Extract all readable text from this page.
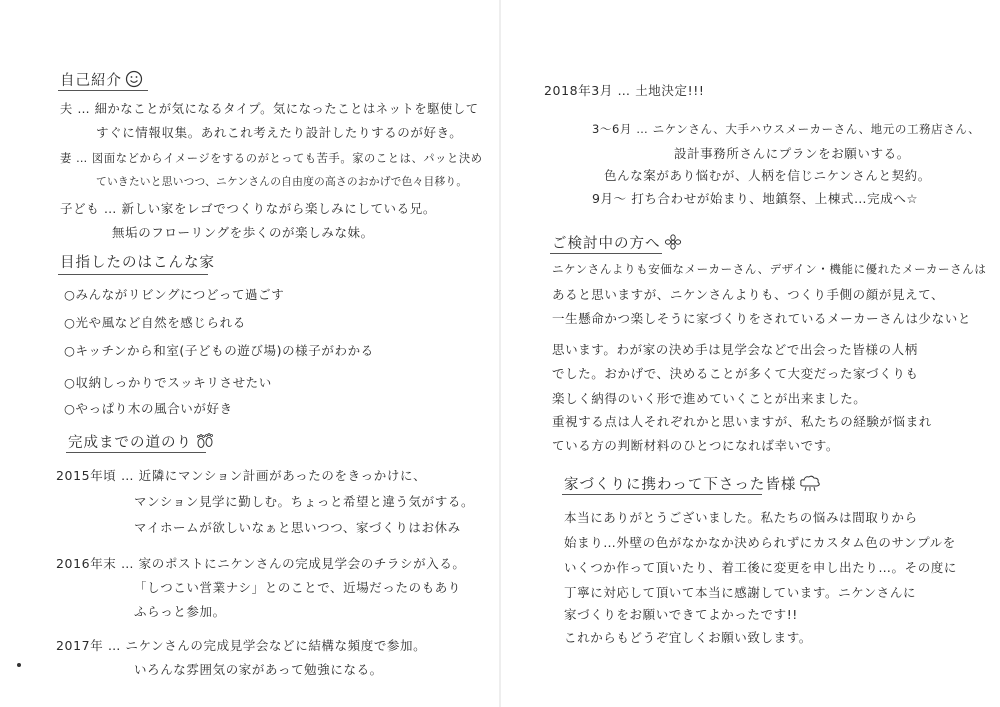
自己紹介
夫 … 細かなことが気になるタイプ。気になったことはネットを駆使して
すぐに情報収集。あれこれ考えたり設計したりするのが好き。
妻 … 図面などからイメージをするのがとっても苦手。家のことは、パッと決め
ていきたいと思いつつ、ニケンさんの自由度の高さのおかげで色々目移り。
子ども … 新しい家をレゴでつくりながら楽しみにしている兄。
無垢のフローリングを歩くのが楽しみな妹。
目指したのはこんな家
○みんながリビングにつどって過ごす
○光や風など自然を感じられる
○キッチンから和室(子どもの遊び場)の様子がわかる
○収納しっかりでスッキリさせたい
○やっぱり木の風合いが好き
完成までの道のり
2015年頃 … 近隣にマンション計画があったのをきっかけに、
マンション見学に勤しむ。ちょっと希望と違う気がする。
マイホームが欲しいなぁと思いつつ、家づくりはお休み
2016年末 … 家のポストにニケンさんの完成見学会のチラシが入る。
「しつこい営業ナシ」とのことで、近場だったのもあり
ふらっと参加。
2017年 … ニケンさんの完成見学会などに結構な頻度で参加。
いろんな雰囲気の家があって勉強になる。
2018年3月 … 土地決定!!!
3〜6月 … ニケンさん、大手ハウスメーカーさん、地元の工務店さん、
設計事務所さんにプランをお願いする。
色んな案があり悩むが、人柄を信じニケンさんと契約。
9月〜 打ち合わせが始まり、地鎮祭、上棟式…完成へ☆
ご検討中の方へ
ニケンさんよりも安価なメーカーさん、デザイン・機能に優れたメーカーさんは
あると思いますが、ニケンさんよりも、つくり手側の顔が見えて、
一生懸命かつ楽しそうに家づくりをされているメーカーさんは少ないと
思います。わが家の決め手は見学会などで出会った皆様の人柄
でした。おかげで、決めることが多くて大変だった家づくりも
楽しく納得のいく形で進めていくことが出来ました。
重視する点は人それぞれかと思いますが、私たちの経験が悩まれ
ている方の判断材料のひとつになれば幸いです。
家づくりに携わって下さった皆様
本当にありがとうございました。私たちの悩みは間取りから
始まり…外壁の色がなかなか決められずにカスタム色のサンプルを
いくつか作って頂いたり、着工後に変更を申し出たり…。その度に
丁寧に対応して頂いて本当に感謝しています。ニケンさんに
家づくりをお願いできてよかったです!!
これからもどうぞ宜しくお願い致します。
